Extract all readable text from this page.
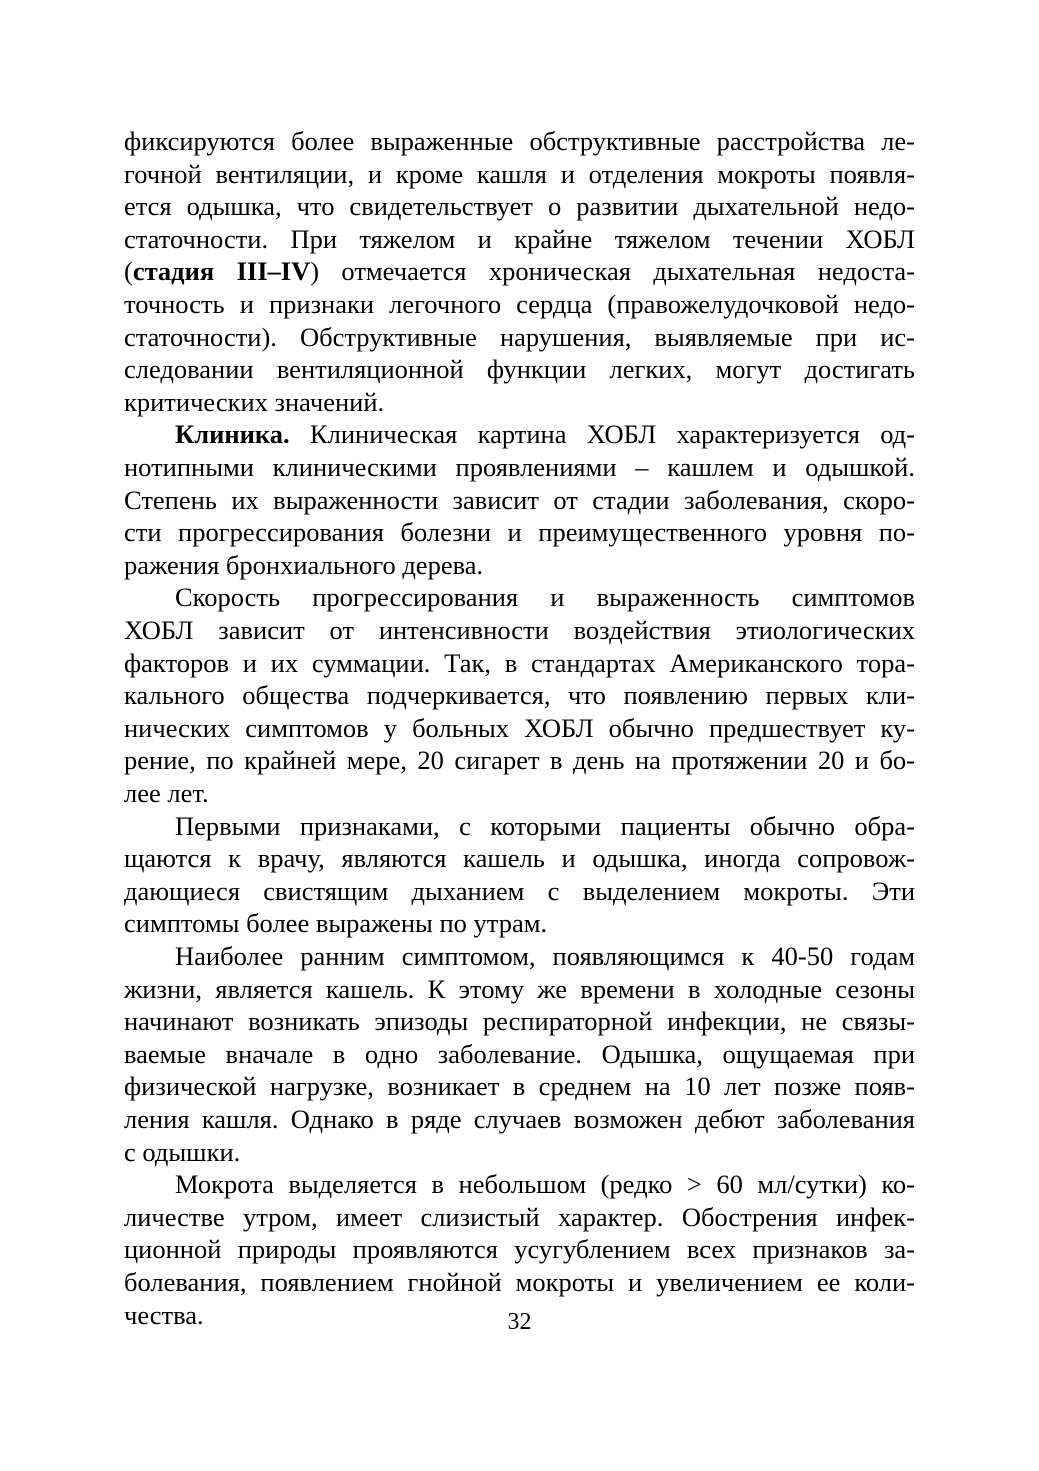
фиксируются более выраженные обструктивные расстройства ле-
гочной вентиляции, и кроме кашля и отделения мокроты появля-
ется одышка, что свидетельствует о развитии дыхательной недо-
статочности. При тяжелом и крайне тяжелом течении ХОБЛ
(стадия III–IV) отмечается хроническая дыхательная недоста-
точность и признаки легочного сердца (правожелудочковой недо-
статочности). Обструктивные нарушения, выявляемые при ис-
следовании вентиляционной функции легких, могут достигать
критических значений.
Клиника. Клиническая картина ХОБЛ характеризуется од-
нотипными клиническими проявлениями – кашлем и одышкой.
Степень их выраженности зависит от стадии заболевания, скоро-
сти прогрессирования болезни и преимущественного уровня по-
ражения бронхиального дерева.
Скорость прогрессирования и выраженность симптомов
ХОБЛ зависит от интенсивности воздействия этиологических
факторов и их суммации. Так, в стандартах Американского тора-
кального общества подчеркивается, что появлению первых кли-
нических симптомов у больных ХОБЛ обычно предшествует ку-
рение, по крайней мере, 20 сигарет в день на протяжении 20 и бо-
лее лет.
Первыми признаками, с которыми пациенты обычно обра-
щаются к врачу, являются кашель и одышка, иногда сопровож-
дающиеся свистящим дыханием с выделением мокроты. Эти
симптомы более выражены по утрам.
Наиболее ранним симптомом, появляющимся к 40-50 годам
жизни, является кашель. К этому же времени в холодные сезоны
начинают возникать эпизоды респираторной инфекции, не связы-
ваемые вначале в одно заболевание. Одышка, ощущаемая при
физической нагрузке, возникает в среднем на 10 лет позже появ-
ления кашля. Однако в ряде случаев возможен дебют заболевания
с одышки.
Мокрота выделяется в небольшом (редко > 60 мл/сутки) ко-
личестве утром, имеет слизистый характер. Обострения инфек-
ционной природы проявляются усугублением всех признаков за-
болевания, появлением гнойной мокроты и увеличением ее коли-
чества.	32
